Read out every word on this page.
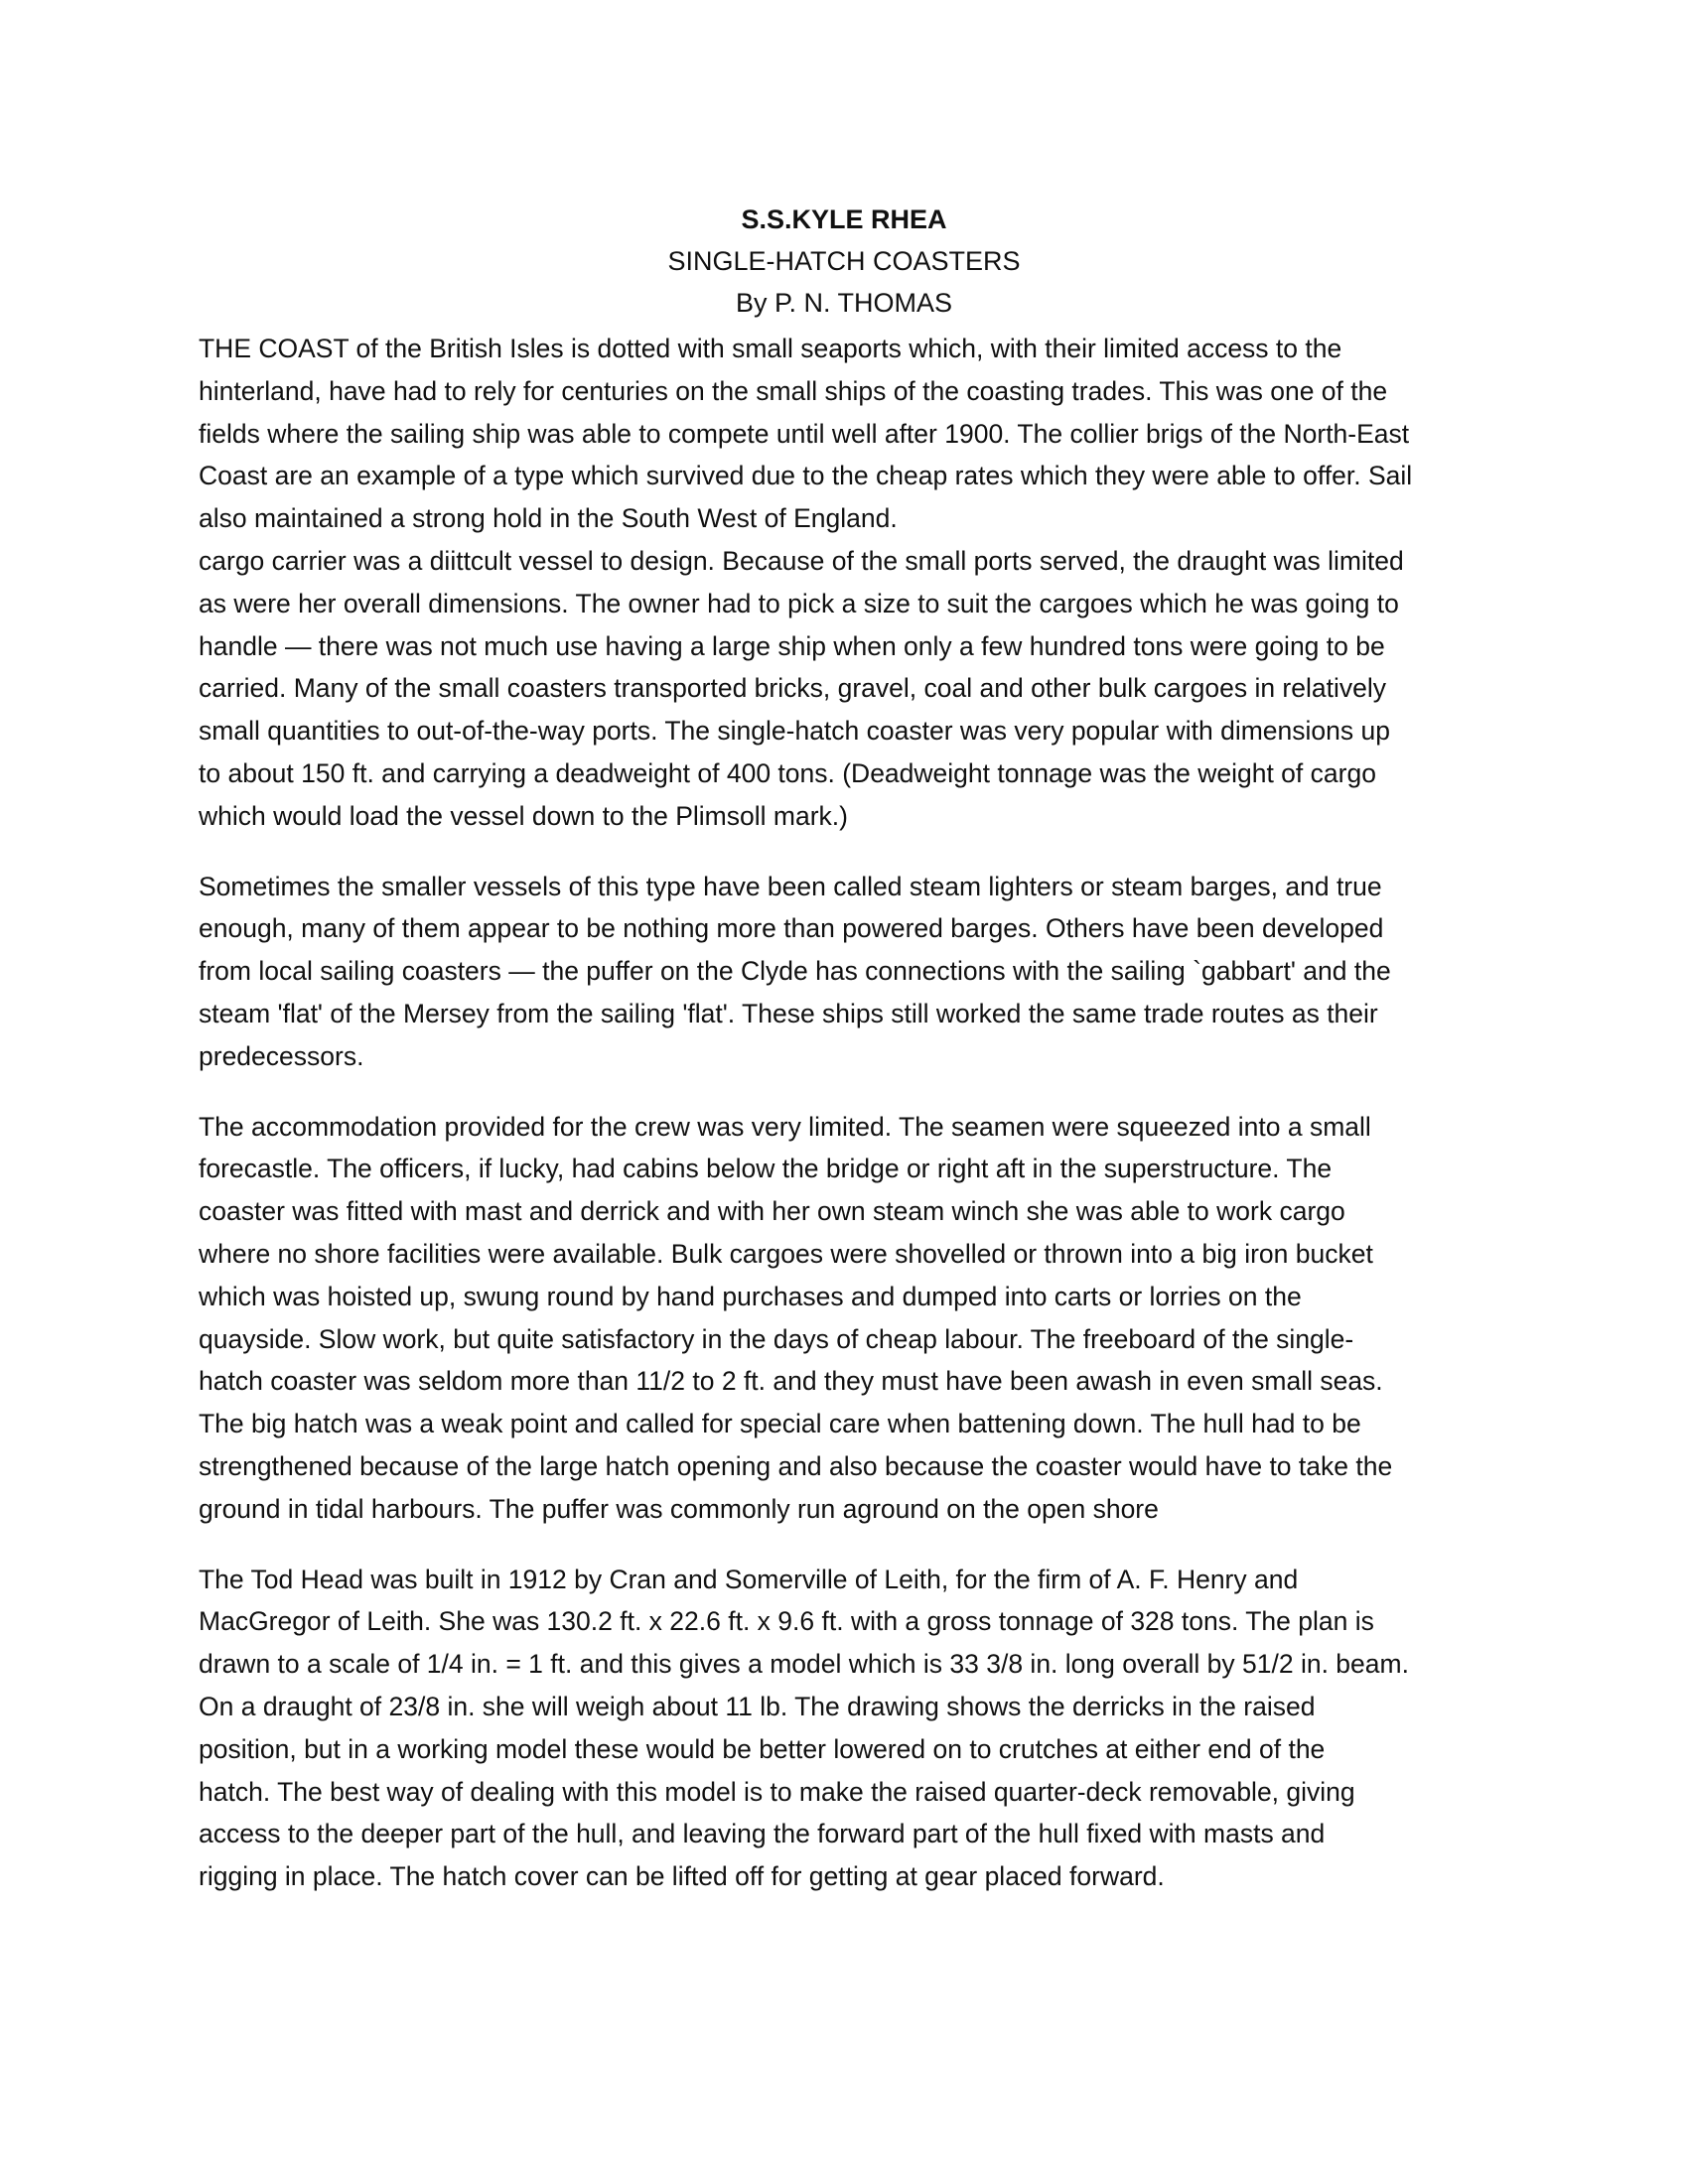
S.S.KYLE RHEA
SINGLE-HATCH COASTERS
By P. N. THOMAS
THE COAST of the British Isles is dotted with small seaports which, with their limited access to the
hinterland, have had to rely for centuries on the small ships of the coasting trades. This was one of the
fields where the sailing ship was able to compete until well after 1900. The collier brigs of the North-East
Coast are an example of a type which survived due to the cheap rates which they were able to offer. Sail
also maintained a strong hold in the South West of England.
cargo carrier was a diittcult vessel to design. Because of the small ports served, the draught was limited
as were her overall dimensions. The owner had to pick a size to suit the cargoes which he was going to
handle — there was not much use having a large ship when only a few hundred tons were going to be
carried. Many of the small coasters transported bricks, gravel, coal and other bulk cargoes in relatively
small quantities to out-of-the-way ports. The single-hatch coaster was very popular with dimensions up
to about 150 ft. and carrying a deadweight of 400 tons. (Deadweight tonnage was the weight of cargo
which would load the vessel down to the Plimsoll mark.)
Sometimes the smaller vessels of this type have been called steam lighters or steam barges, and true
enough, many of them appear to be nothing more than powered barges. Others have been developed
from local sailing coasters — the puffer on the Clyde has connections with the sailing `gabbart' and the
steam 'flat' of the Mersey from the sailing 'flat'. These ships still worked the same trade routes as their
predecessors.
The accommodation provided for the crew was very limited. The seamen were squeezed into a small
forecastle. The officers, if lucky, had cabins below the bridge or right aft in the superstructure. The
coaster was fitted with mast and derrick and with her own steam winch she was able to work cargo
where no shore facilities were available. Bulk cargoes were shovelled or thrown into a big iron bucket
which was hoisted up, swung round by hand purchases and dumped into carts or lorries on the
quayside. Slow work, but quite satisfactory in the days of cheap labour. The freeboard of the single-
hatch coaster was seldom more than 11/2 to 2 ft. and they must have been awash in even small seas.
The big hatch was a weak point and called for special care when battening down. The hull had to be
strengthened because of the large hatch opening and also because the coaster would have to take the
ground in tidal harbours. The puffer was commonly run aground on the open shore
The Tod Head was built in 1912 by Cran and Somerville of Leith, for the firm of A. F. Henry and
MacGregor of Leith. She was 130.2 ft. x 22.6 ft. x 9.6 ft. with a gross tonnage of 328 tons. The plan is
drawn to a scale of 1/4 in. = 1 ft. and this gives a model which is 33 3/8 in. long overall by 51/2 in. beam.
On a draught of 23/8 in. she will weigh about 11 lb. The drawing shows the derricks in the raised
position, but in a working model these would be better lowered on to crutches at either end of the
hatch. The best way of dealing with this model is to make the raised quarter-deck removable, giving
access to the deeper part of the hull, and leaving the forward part of the hull fixed with masts and
rigging in place. The hatch cover can be lifted off for getting at gear placed forward.
